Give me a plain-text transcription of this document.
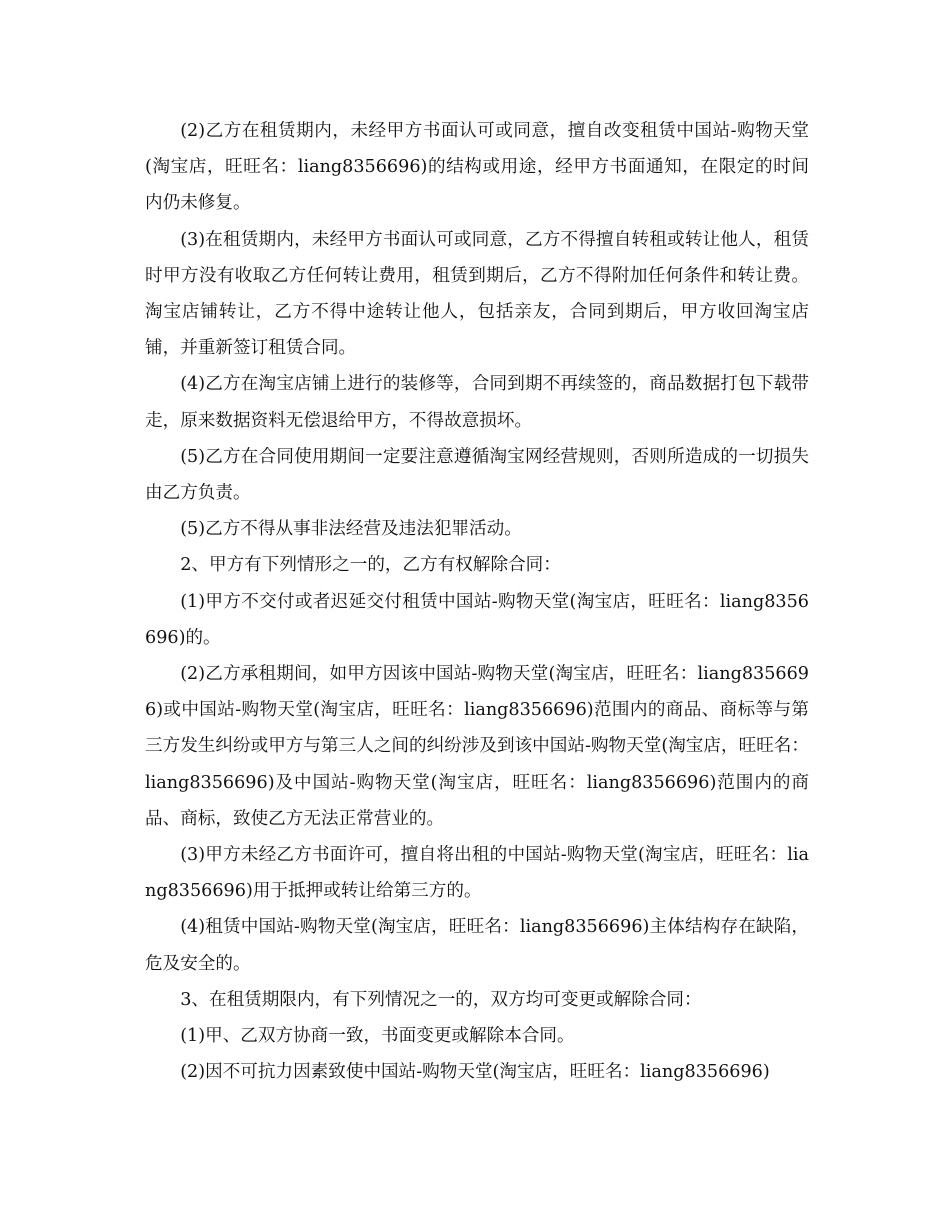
(2)乙方在租赁期内，未经甲方书面认可或同意，擅自改变租赁中国站-购物天堂(淘宝店，旺旺名：liang8356696)的结构或用途，经甲方书面通知，在限定的时间内仍未修复。

(3)在租赁期内，未经甲方书面认可或同意，乙方不得擅自转租或转让他人，租赁时甲方没有收取乙方任何转让费用，租赁到期后，乙方不得附加任何条件和转让费。淘宝店铺转让，乙方不得中途转让他人，包括亲友，合同到期后，甲方收回淘宝店铺，并重新签订租赁合同。

(4)乙方在淘宝店铺上进行的装修等，合同到期不再续签的，商品数据打包下载带走，原来数据资料无偿退给甲方，不得故意损坏。

(5)乙方在合同使用期间一定要注意遵循淘宝网经营规则，否则所造成的一切损失由乙方负责。

(5)乙方不得从事非法经营及违法犯罪活动。

2、甲方有下列情形之一的，乙方有权解除合同：

(1)甲方不交付或者迟延交付租赁中国站-购物天堂(淘宝店，旺旺名：liang8356696)的。

(2)乙方承租期间，如甲方因该中国站-购物天堂(淘宝店，旺旺名：liang8356696)或中国站-购物天堂(淘宝店，旺旺名：liang8356696)范围内的商品、商标等与第三方发生纠纷或甲方与第三人之间的纠纷涉及到该中国站-购物天堂(淘宝店，旺旺名：liang8356696)及中国站-购物天堂(淘宝店，旺旺名：liang8356696)范围内的商品、商标，致使乙方无法正常营业的。

(3)甲方未经乙方书面许可，擅自将出租的中国站-购物天堂(淘宝店，旺旺名：liang8356696)用于抵押或转让给第三方的。

(4)租赁中国站-购物天堂(淘宝店，旺旺名：liang8356696)主体结构存在缺陷，危及安全的。

3、在租赁期限内，有下列情况之一的，双方均可变更或解除合同：

(1)甲、乙双方协商一致，书面变更或解除本合同。

(2)因不可抗力因素致使中国站-购物天堂(淘宝店，旺旺名：liang8356696)
